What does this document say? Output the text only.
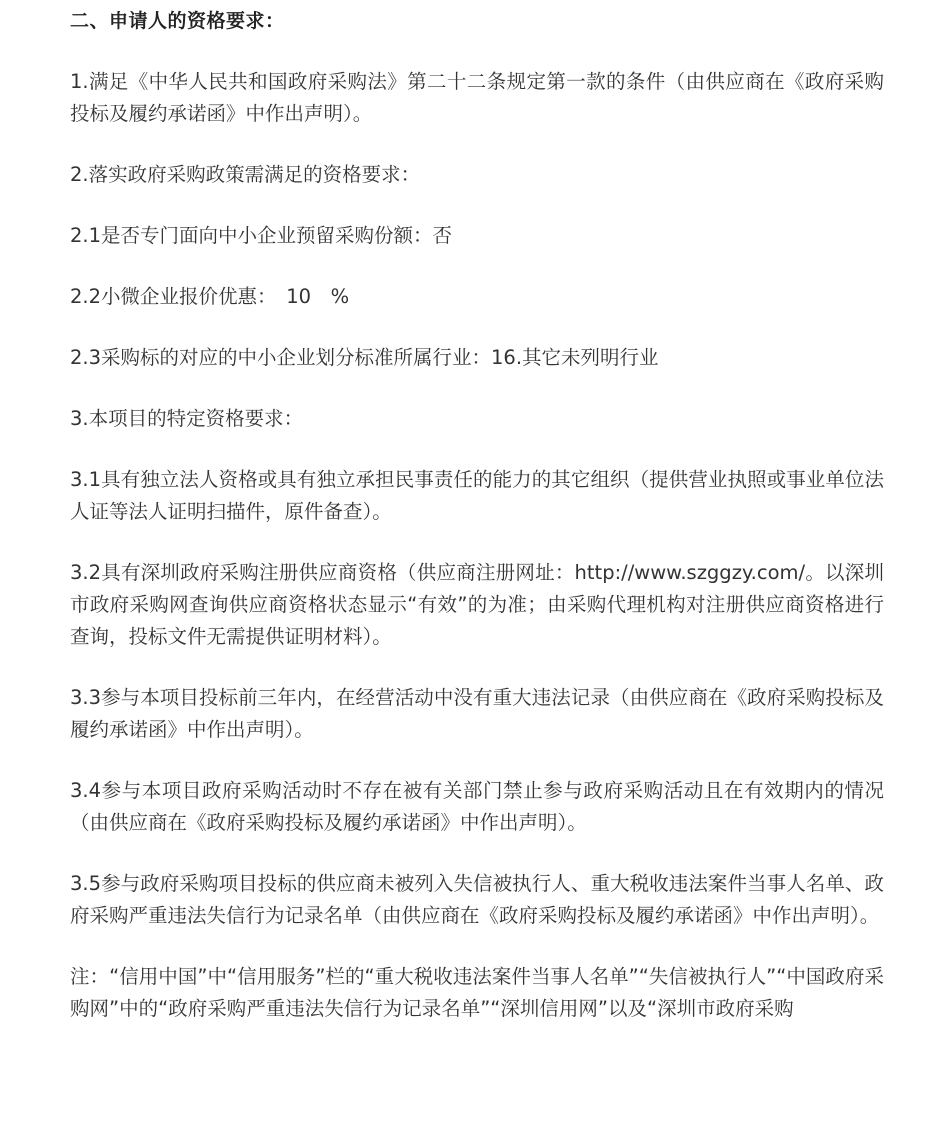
二、申请人的资格要求：

1.满足《中华人民共和国政府采购法》第二十二条规定第一款的条件（由供应商在《政府采购投标及履约承诺函》中作出声明）。

2.落实政府采购政策需满足的资格要求：

2.1是否专门面向中小企业预留采购份额：否

2.2小微企业报价优惠：　10　%

2.3采购标的对应的中小企业划分标准所属行业：16.其它未列明行业

3.本项目的特定资格要求：

3.1具有独立法人资格或具有独立承担民事责任的能力的其它组织（提供营业执照或事业单位法人证等法人证明扫描件，原件备查）。

3.2具有深圳政府采购注册供应商资格（供应商注册网址：http://www.szggzy.com/。以深圳市政府采购网查询供应商资格状态显示“有效”的为准；由采购代理机构对注册供应商资格进行查询，投标文件无需提供证明材料）。

3.3参与本项目投标前三年内，在经营活动中没有重大违法记录（由供应商在《政府采购投标及履约承诺函》中作出声明）。

3.4参与本项目政府采购活动时不存在被有关部门禁止参与政府采购活动且在有效期内的情况（由供应商在《政府采购投标及履约承诺函》中作出声明）。

3.5参与政府采购项目投标的供应商未被列入失信被执行人、重大税收违法案件当事人名单、政府采购严重违法失信行为记录名单（由供应商在《政府采购投标及履约承诺函》中作出声明）。

注：“信用中国”中“信用服务”栏的“重大税收违法案件当事人名单”“失信被执行人”“中国政府采购网”中的“政府采购严重违法失信行为记录名单”“深圳信用网”以及“深圳市政府采购
